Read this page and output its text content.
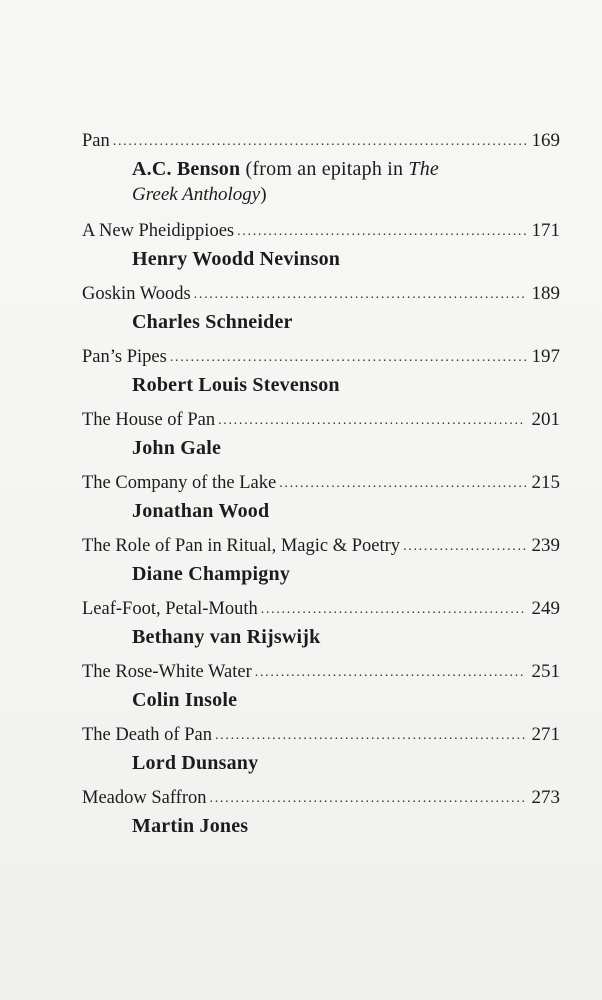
Pan . . .	169
A.C. Benson (from an epitaph in The
Greek Anthology)
A New Pheidippioes . . .	171
Henry Woodd Nevinson
Goskin Woods . . .	189
Charles Schneider
Pan’s Pipes . . .	197
Robert Louis Stevenson
The House of Pan . . .	201
John Gale
The Company of the Lake . . .	215
Jonathan Wood
The Role of Pan in Ritual, Magic & Poetry . . .	239
Diane Champigny
Leaf-Foot, Petal-Mouth . . .	249
Bethany van Rijswijk
The Rose-White Water . . .	251
Colin Insole
The Death of Pan . . .	271
Lord Dunsany
Meadow Saffron . . .	273
Martin Jones
